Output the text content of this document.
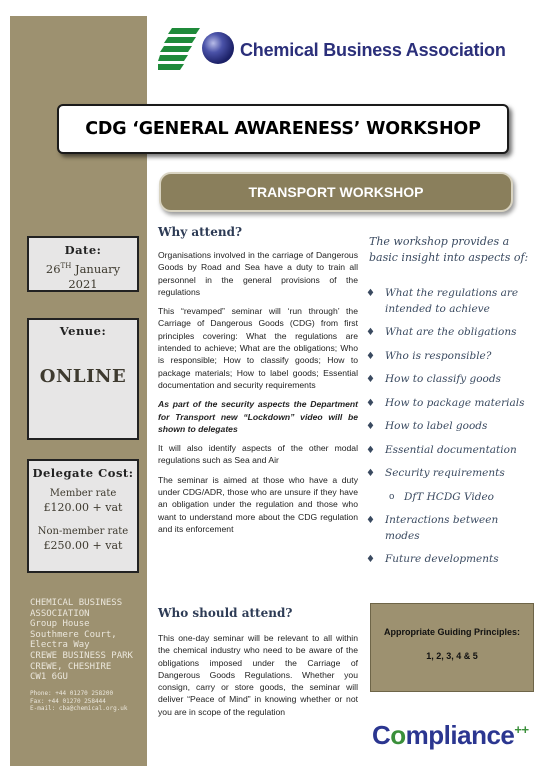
Chemical Business Association
CDG ‘GENERAL AWARENESS’ WORKSHOP
TRANSPORT WORKSHOP
Date:
26TH January
2021
Venue:
ONLINE
Delegate Cost:
Member rate
£120.00 + vat
Non-member rate
£250.00 + vat
CHEMICAL BUSINESS
ASSOCIATION
Group House
Southmere Court,
Electra Way
CREWE BUSINESS PARK
CREWE, CHESHIRE
CW1 6GU
Phone: +44 01270 258200
Fax: +44 01270 258444
E-mail: cba@chemical.org.uk
Why attend?

Organisations involved in the carriage of Dangerous Goods by Road and Sea have a duty to train all personnel in the general provisions of the regulations

This “revamped” seminar will ‘run through’ the Carriage of Dangerous Goods (CDG) from first principles covering: What the regulations are intended to achieve; What are the obligations; Who is responsible; How to classify goods; How to package materials; How to label goods; Essential documentation and security requirements

As part of the security aspects the Department for Transport new “Lockdown” video will be shown to delegates

It will also identify aspects of the other modal regulations such as Sea and Air

The seminar is aimed at those who have a duty under CDG/ADR, those who are unsure if they have an obligation under the regulation and those who want to understand more about the CDG regulation and its enforcement

Who should attend?

This one-day seminar will be relevant to all within the chemical industry who need to be aware of the obligations imposed under the Carriage of Dangerous Goods Regulations. Whether you consign, carry or store goods, the seminar will deliver “Peace of Mind” in knowing whether or not you are in scope of the regulation

The workshop provides a basic insight into aspects of:
♦ What the regulations are intended to achieve
♦ What are the obligations
♦ Who is responsible?
♦ How to classify goods
♦ How to package materials
♦ How to label goods
♦ Essential documentation
♦ Security requirements
o DfT HCDG Video
♦ Interactions between modes
♦ Future developments
Appropriate Guiding Principles:
1, 2, 3, 4 & 5
Compliance++
